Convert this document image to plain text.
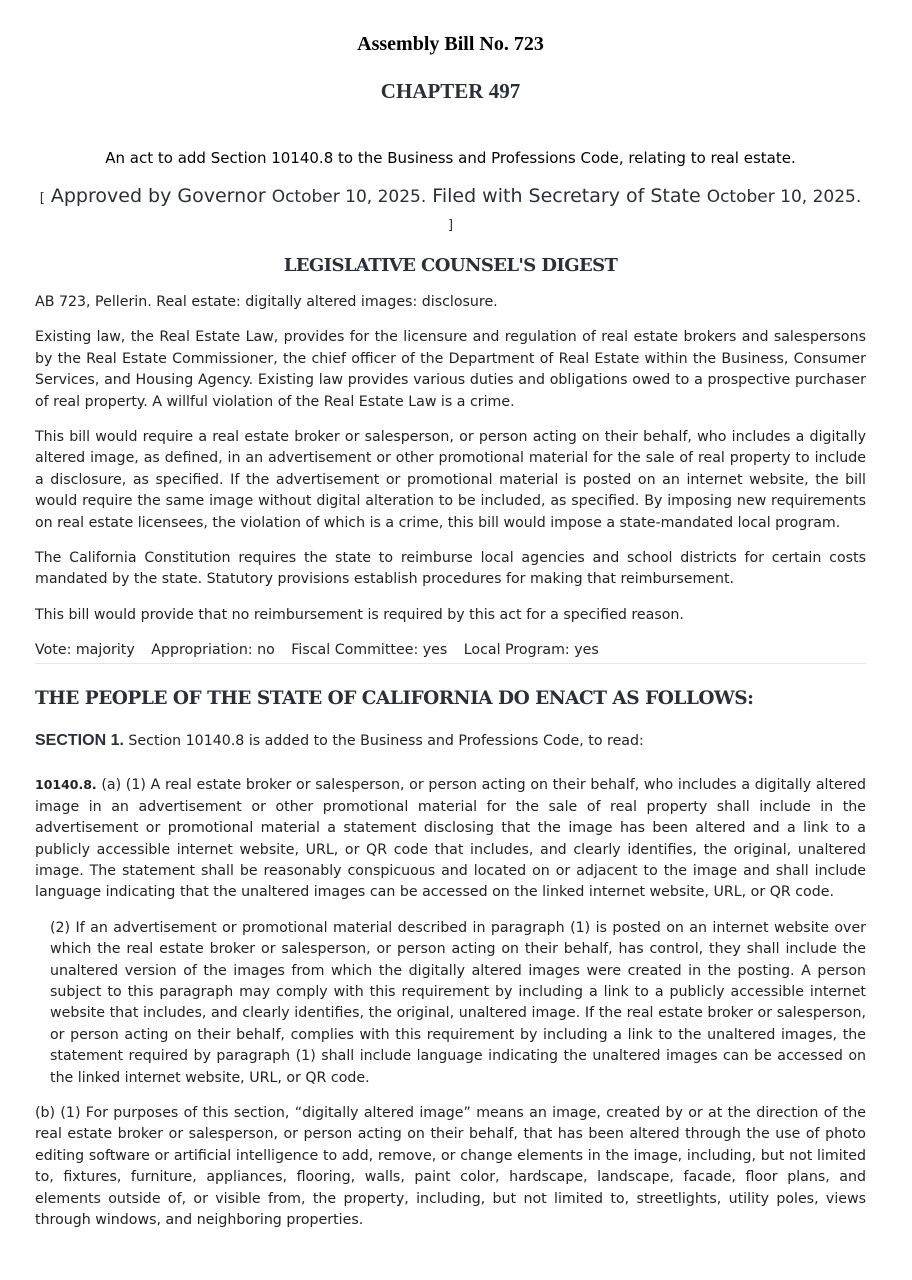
Assembly Bill No. 723
CHAPTER 497

An act to add Section 10140.8 to the Business and Professions Code, relating to real estate.

[ Approved by Governor October 10, 2025. Filed with Secretary of State October 10, 2025.
]

LEGISLATIVE COUNSEL'S DIGEST

AB 723, Pellerin. Real estate: digitally altered images: disclosure.

Existing law, the Real Estate Law, provides for the licensure and regulation of real estate brokers and salespersons by the Real Estate Commissioner, the chief officer of the Department of Real Estate within the Business, Consumer Services, and Housing Agency. Existing law provides various duties and obligations owed to a prospective purchaser of real property. A willful violation of the Real Estate Law is a crime.

This bill would require a real estate broker or salesperson, or person acting on their behalf, who includes a digitally altered image, as defined, in an advertisement or other promotional material for the sale of real property to include a disclosure, as specified. If the advertisement or promotional material is posted on an internet website, the bill would require the same image without digital alteration to be included, as specified. By imposing new requirements on real estate licensees, the violation of which is a crime, this bill would impose a state-mandated local program.

The California Constitution requires the state to reimburse local agencies and school districts for certain costs mandated by the state. Statutory provisions establish procedures for making that reimbursement.

This bill would provide that no reimbursement is required by this act for a specified reason.

Vote: majority Appropriation: no Fiscal Committee: yes Local Program: yes
THE PEOPLE OF THE STATE OF CALIFORNIA DO ENACT AS FOLLOWS:

SECTION 1. Section 10140.8 is added to the Business and Professions Code, to read:

10140.8. (a) (1) A real estate broker or salesperson, or person acting on their behalf, who includes a digitally altered image in an advertisement or other promotional material for the sale of real property shall include in the advertisement or promotional material a statement disclosing that the image has been altered and a link to a publicly accessible internet website, URL, or QR code that includes, and clearly identifies, the original, unaltered image. The statement shall be reasonably conspicuous and located on or adjacent to the image and shall include language indicating that the unaltered images can be accessed on the linked internet website, URL, or QR code.

(2) If an advertisement or promotional material described in paragraph (1) is posted on an internet website over which the real estate broker or salesperson, or person acting on their behalf, has control, they shall include the unaltered version of the images from which the digitally altered images were created in the posting. A person subject to this paragraph may comply with this requirement by including a link to a publicly accessible internet website that includes, and clearly identifies, the original, unaltered image. If the real estate broker or salesperson, or person acting on their behalf, complies with this requirement by including a link to the unaltered images, the statement required by paragraph (1) shall include language indicating the unaltered images can be accessed on the linked internet website, URL, or QR code.

(b) (1) For purposes of this section, “digitally altered image” means an image, created by or at the direction of the real estate broker or salesperson, or person acting on their behalf, that has been altered through the use of photo editing software or artificial intelligence to add, remove, or change elements in the image, including, but not limited to, fixtures, furniture, appliances, flooring, walls, paint color, hardscape, landscape, facade, floor plans, and elements outside of, or visible from, the property, including, but not limited to, streetlights, utility poles, views through windows, and neighboring properties.
